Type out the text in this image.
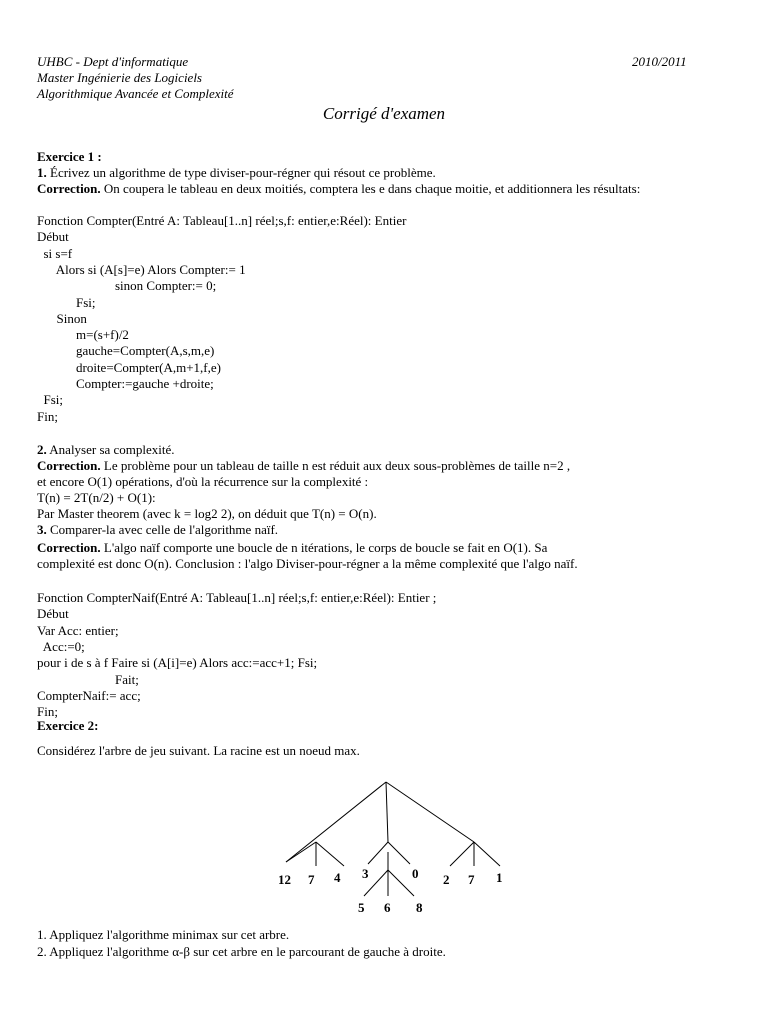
UHBC - Dept d'informatique	2010/2011
Master Ingénierie des Logiciels
Algorithmique Avancée et Complexité
Corrigé d'examen
Exercice 1 :
1. Écrivez un algorithme de type diviser-pour-régner qui résout ce problème.
Correction. On coupera le tableau en deux moitiés, comptera les e dans chaque moitie, et additionnera les résultats:
Fonction Compter(Entré A: Tableau[1..n] réel;s,f: entier,e:Réel): Entier
Début
si s=f
Alors si (A[s]=e) Alors Compter:= 1
sinon Compter:= 0;
Fsi;
Sinon
m=(s+f)/2
gauche=Compter(A,s,m,e)
droite=Compter(A,m+1,f,e)
Compter:=gauche +droite;
Fsi;
Fin;
2. Analyser sa complexité.
Correction. Le problème pour un tableau de taille n est réduit aux deux sous-problèmes de taille n=2 ,
et encore O(1) opérations, d'où la récurrence sur la complexité :
T(n) = 2T(n/2) + O(1):
Par Master theorem (avec k = log2 2), on déduit que T(n) = O(n).
3. Comparer-la avec celle de l'algorithme naïf.
Correction. L'algo naïf comporte une boucle de n itérations, le corps de boucle se fait en O(1). Sa
complexité est donc O(n). Conclusion : l'algo Diviser-pour-régner a la même complexité que l'algo naïf.
Fonction CompterNaif(Entré A: Tableau[1..n] réel;s,f: entier,e:Réel): Entier ;
Début
Var Acc: entier;
Acc:=0;
pour i de s à f Faire si (A[i]=e) Alors acc:=acc+1; Fsi;
Fait;
CompterNaif:= acc;
Fin;
Exercice 2:
Considérez l'arbre de jeu suivant. La racine est un noeud max.
12 7 4 3	0 2 7 1
5 6 8
1. Appliquez l'algorithme minimax sur cet arbre.
2. Appliquez l'algorithme α-β sur cet arbre en le parcourant de gauche à droite.
